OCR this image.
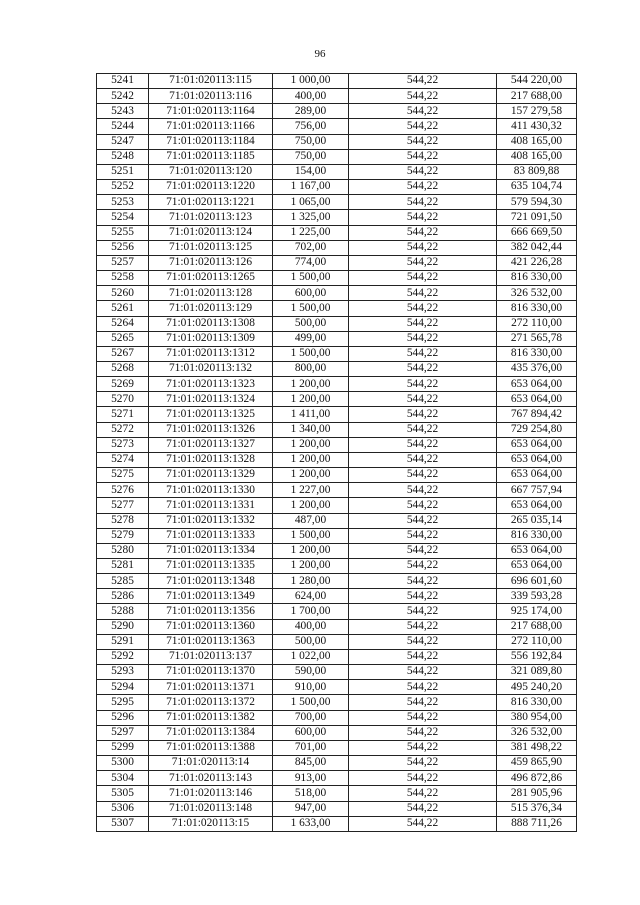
96
5241	71:01:020113:115	1 000,00	544,22	544 220,00
5242	71:01:020113:116	400,00	544,22	217 688,00
5243	71:01:020113:1164	289,00	544,22	157 279,58
5244	71:01:020113:1166	756,00	544,22	411 430,32
5247	71:01:020113:1184	750,00	544,22	408 165,00
5248	71:01:020113:1185	750,00	544,22	408 165,00
5251	71:01:020113:120	154,00	544,22	83 809,88
5252	71:01:020113:1220	1 167,00	544,22	635 104,74
5253	71:01:020113:1221	1 065,00	544,22	579 594,30
5254	71:01:020113:123	1 325,00	544,22	721 091,50
5255	71:01:020113:124	1 225,00	544,22	666 669,50
5256	71:01:020113:125	702,00	544,22	382 042,44
5257	71:01:020113:126	774,00	544,22	421 226,28
5258	71:01:020113:1265	1 500,00	544,22	816 330,00
5260	71:01:020113:128	600,00	544,22	326 532,00
5261	71:01:020113:129	1 500,00	544,22	816 330,00
5264	71:01:020113:1308	500,00	544,22	272 110,00
5265	71:01:020113:1309	499,00	544,22	271 565,78
5267	71:01:020113:1312	1 500,00	544,22	816 330,00
5268	71:01:020113:132	800,00	544,22	435 376,00
5269	71:01:020113:1323	1 200,00	544,22	653 064,00
5270	71:01:020113:1324	1 200,00	544,22	653 064,00
5271	71:01:020113:1325	1 411,00	544,22	767 894,42
5272	71:01:020113:1326	1 340,00	544,22	729 254,80
5273	71:01:020113:1327	1 200,00	544,22	653 064,00
5274	71:01:020113:1328	1 200,00	544,22	653 064,00
5275	71:01:020113:1329	1 200,00	544,22	653 064,00
5276	71:01:020113:1330	1 227,00	544,22	667 757,94
5277	71:01:020113:1331	1 200,00	544,22	653 064,00
5278	71:01:020113:1332	487,00	544,22	265 035,14
5279	71:01:020113:1333	1 500,00	544,22	816 330,00
5280	71:01:020113:1334	1 200,00	544,22	653 064,00
5281	71:01:020113:1335	1 200,00	544,22	653 064,00
5285	71:01:020113:1348	1 280,00	544,22	696 601,60
5286	71:01:020113:1349	624,00	544,22	339 593,28
5288	71:01:020113:1356	1 700,00	544,22	925 174,00
5290	71:01:020113:1360	400,00	544,22	217 688,00
5291	71:01:020113:1363	500,00	544,22	272 110,00
5292	71:01:020113:137	1 022,00	544,22	556 192,84
5293	71:01:020113:1370	590,00	544,22	321 089,80
5294	71:01:020113:1371	910,00	544,22	495 240,20
5295	71:01:020113:1372	1 500,00	544,22	816 330,00
5296	71:01:020113:1382	700,00	544,22	380 954,00
5297	71:01:020113:1384	600,00	544,22	326 532,00
5299	71:01:020113:1388	701,00	544,22	381 498,22
5300	71:01:020113:14	845,00	544,22	459 865,90
5304	71:01:020113:143	913,00	544,22	496 872,86
5305	71:01:020113:146	518,00	544,22	281 905,96
5306	71:01:020113:148	947,00	544,22	515 376,34
5307	71:01:020113:15	1 633,00	544,22	888 711,26
